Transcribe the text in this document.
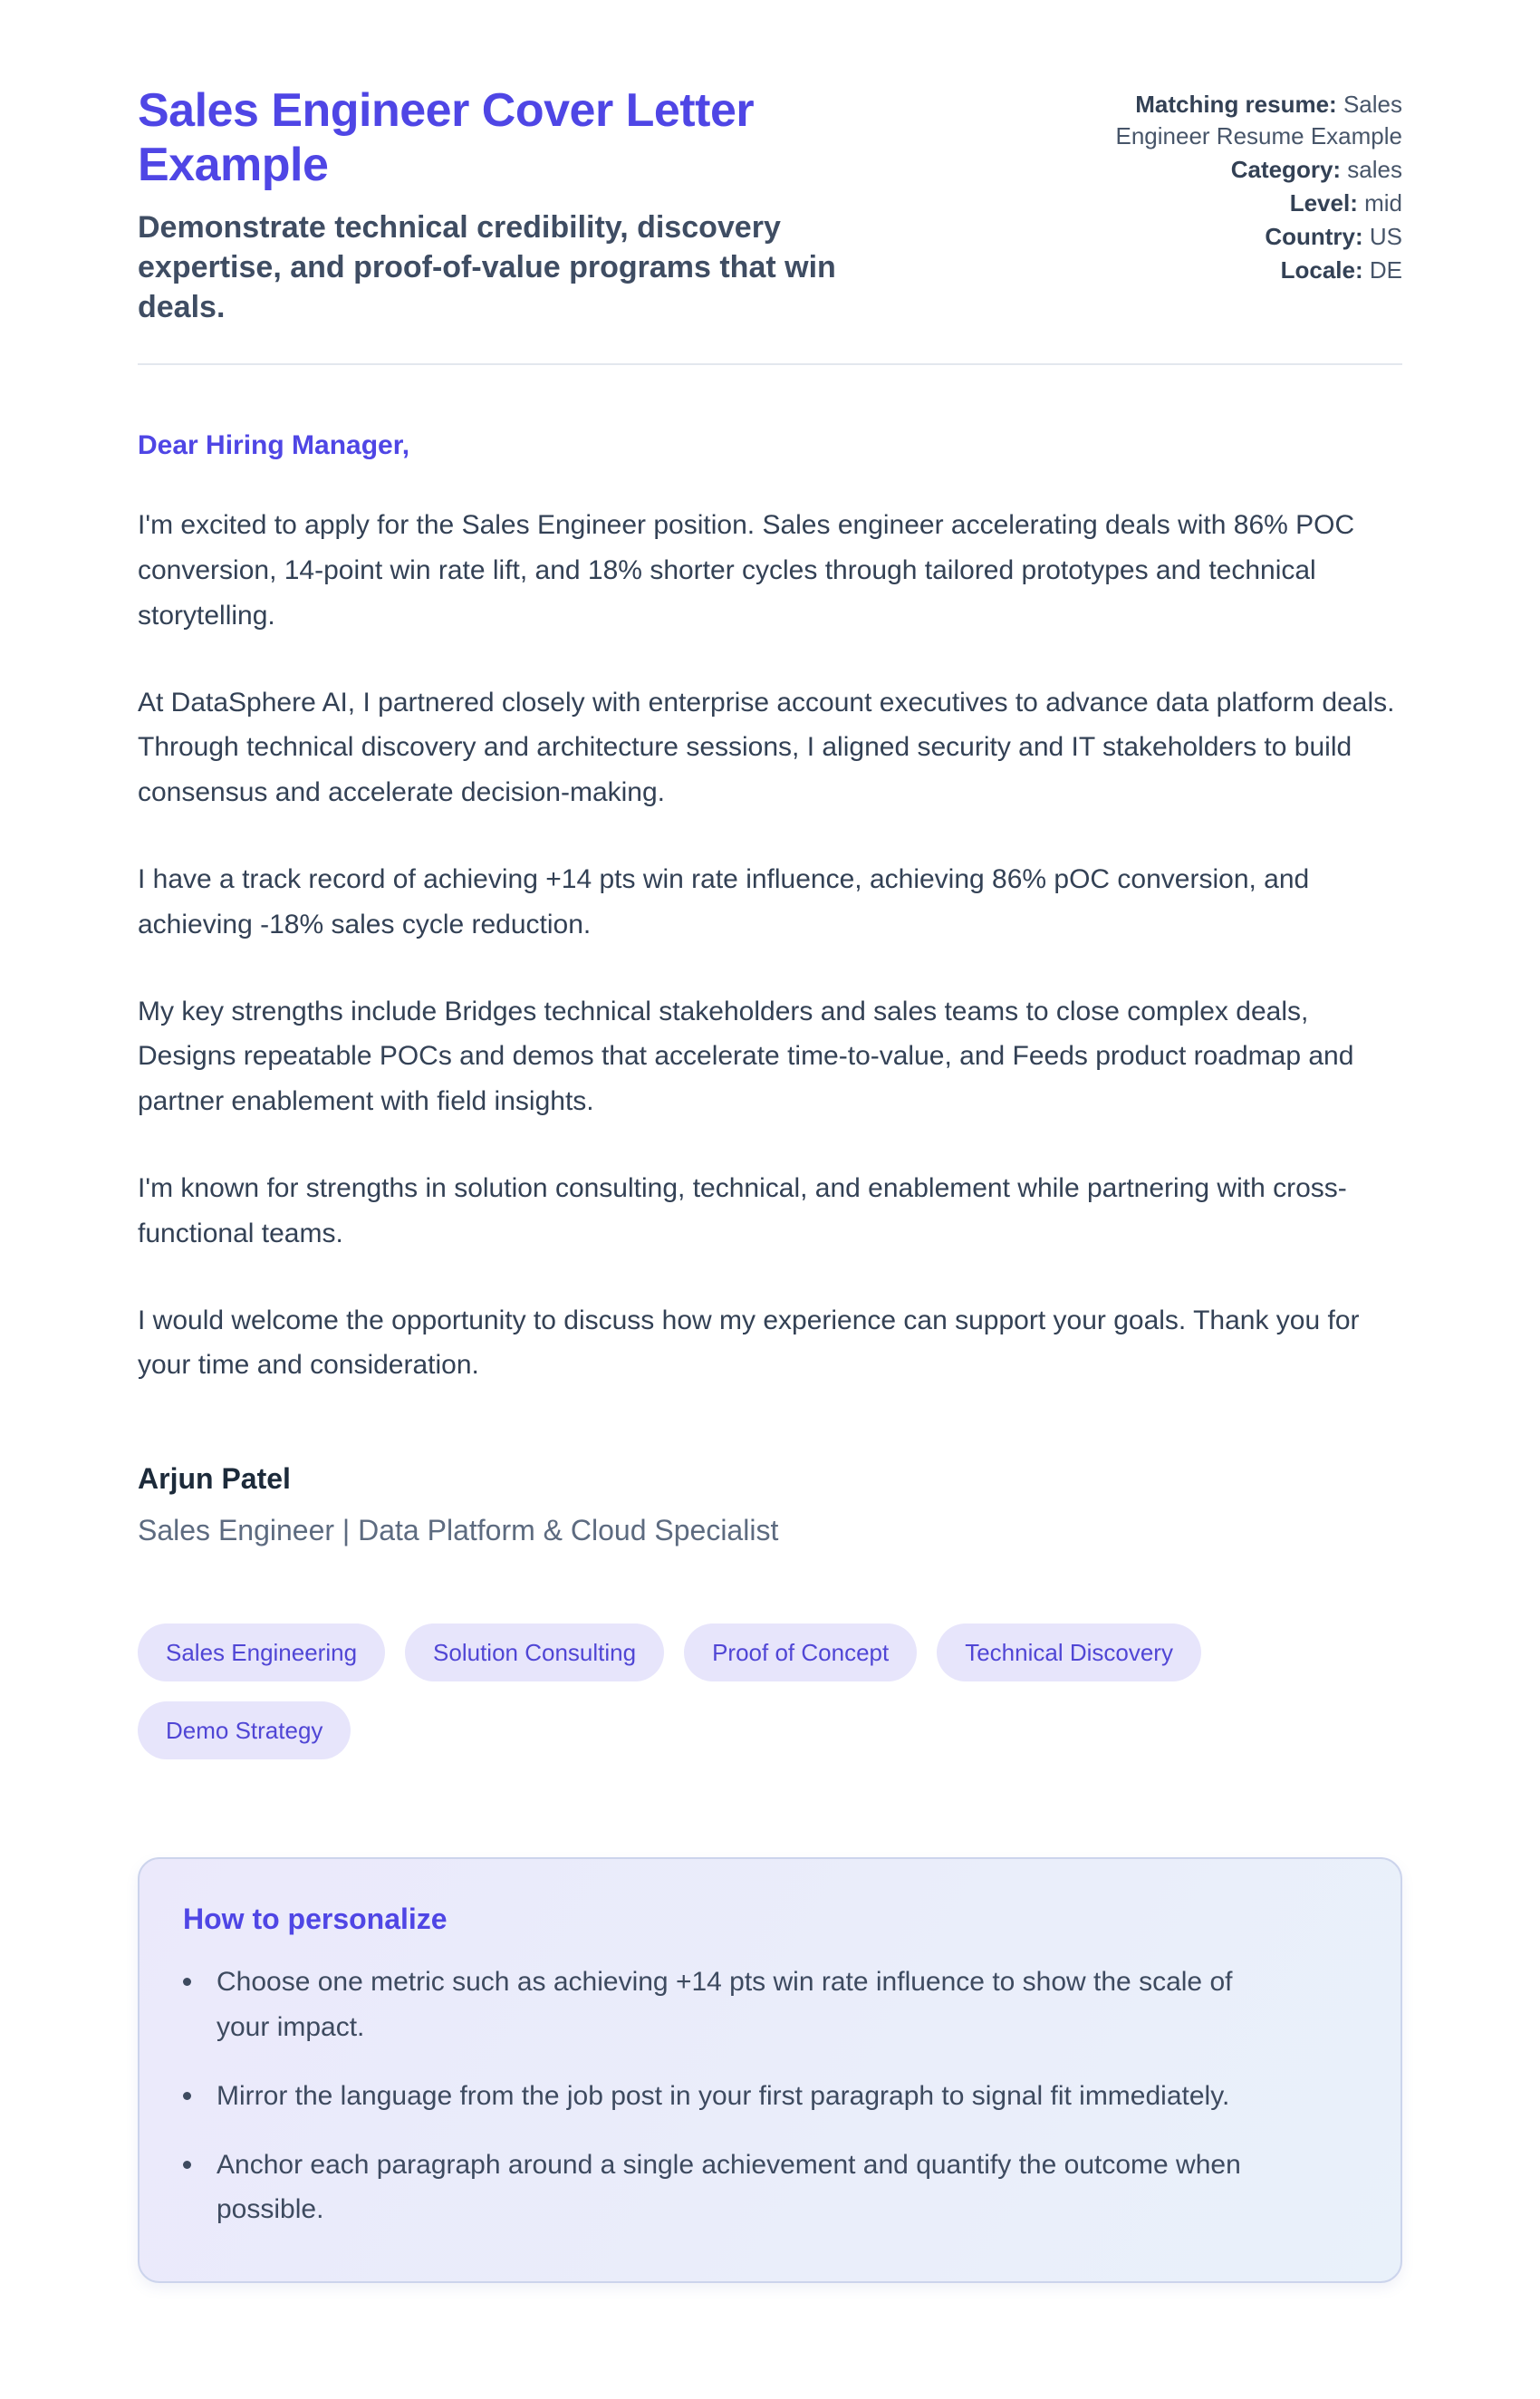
Sales Engineer Cover Letter Example
Demonstrate technical credibility, discovery expertise, and proof-of-value programs that win deals.
Matching resume: Sales Engineer Resume Example
Category: sales
Level: mid
Country: US
Locale: DE
Dear Hiring Manager,

I'm excited to apply for the Sales Engineer position. Sales engineer accelerating deals with 86% POC conversion, 14-point win rate lift, and 18% shorter cycles through tailored prototypes and technical storytelling.

At DataSphere AI, I partnered closely with enterprise account executives to advance data platform deals. Through technical discovery and architecture sessions, I aligned security and IT stakeholders to build consensus and accelerate decision-making.

I have a track record of achieving +14 pts win rate influence, achieving 86% pOC conversion, and achieving -18% sales cycle reduction.

My key strengths include Bridges technical stakeholders and sales teams to close complex deals, Designs repeatable POCs and demos that accelerate time-to-value, and Feeds product roadmap and partner enablement with field insights.

I'm known for strengths in solution consulting, technical, and enablement while partnering with cross-functional teams.

I would welcome the opportunity to discuss how my experience can support your goals. Thank you for your time and consideration.

Arjun Patel
Sales Engineer | Data Platform & Cloud Specialist
Sales Engineering	Solution Consulting	Proof of Concept	Technical Discovery
Demo Strategy
How to personalize
Choose one metric such as achieving +14 pts win rate influence to show the scale of your impact.
Mirror the language from the job post in your first paragraph to signal fit immediately.
Anchor each paragraph around a single achievement and quantify the outcome when possible.
